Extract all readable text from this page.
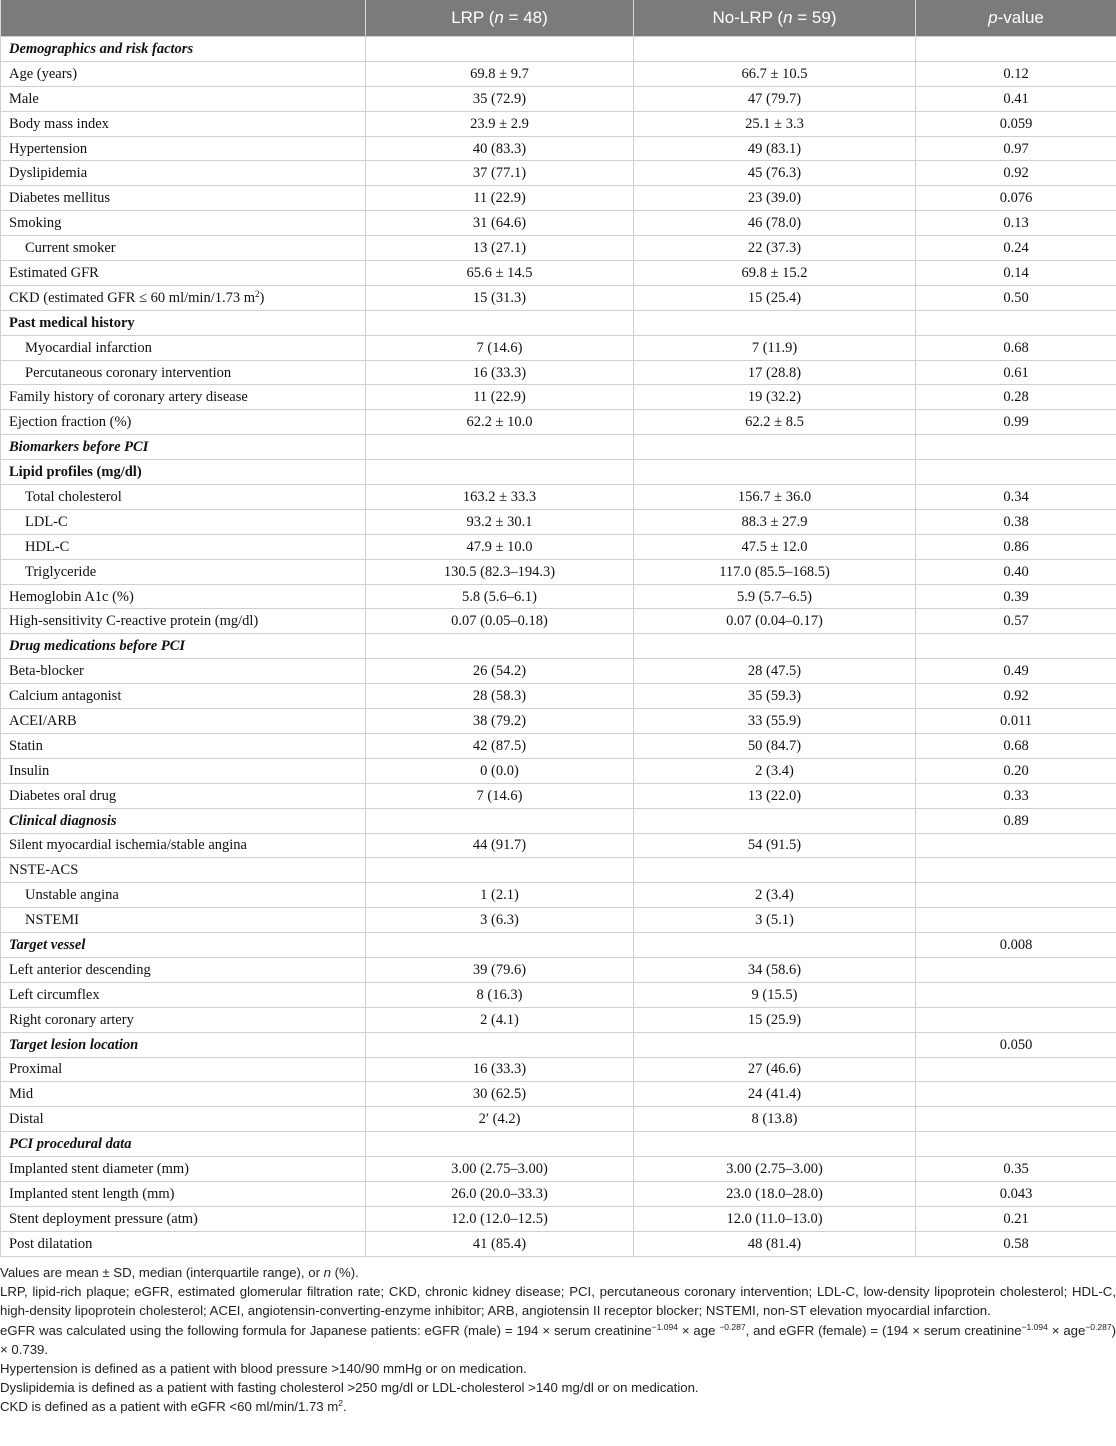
	LRP (n = 48)	No-LRP (n = 59)	p-value
Demographics and risk factors			
Age (years)	69.8 ± 9.7	66.7 ± 10.5	0.12
Male	35 (72.9)	47 (79.7)	0.41
Body mass index	23.9 ± 2.9	25.1 ± 3.3	0.059
Hypertension	40 (83.3)	49 (83.1)	0.97
Dyslipidemia	37 (77.1)	45 (76.3)	0.92
Diabetes mellitus	11 (22.9)	23 (39.0)	0.076
Smoking	31 (64.6)	46 (78.0)	0.13
Current smoker	13 (27.1)	22 (37.3)	0.24
Estimated GFR	65.6 ± 14.5	69.8 ± 15.2	0.14
CKD (estimated GFR ≤ 60 ml/min/1.73 $m^2$)	15 (31.3)	15 (25.4)	0.50
Past medical history			
Myocardial infarction	7 (14.6)	7 (11.9)	0.68
Percutaneous coronary intervention	16 (33.3)	17 (28.8)	0.61
Family history of coronary artery disease	11 (22.9)	19 (32.2)	0.28
Ejection fraction (%)	62.2 ± 10.0	62.2 ± 8.5	0.99
Biomarkers before PCI			
Lipid profiles (mg/dl)			
Total cholesterol	163.2 ± 33.3	156.7 ± 36.0	0.34
LDL-C	93.2 ± 30.1	88.3 ± 27.9	0.38
HDL-C	47.9 ± 10.0	47.5 ± 12.0	0.86
Triglyceride	130.5 (82.3–194.3)	117.0 (85.5–168.5)	0.40
Hemoglobin A1c (%)	5.8 (5.6–6.1)	5.9 (5.7–6.5)	0.39
High-sensitivity C-reactive protein (mg/dl)	0.07 (0.05–0.18)	0.07 (0.04–0.17)	0.57
Drug medications before PCI			
Beta-blocker	26 (54.2)	28 (47.5)	0.49
Calcium antagonist	28 (58.3)	35 (59.3)	0.92
ACEI/ARB	38 (79.2)	33 (55.9)	0.011
Statin	42 (87.5)	50 (84.7)	0.68
Insulin	0 (0.0)	2 (3.4)	0.20
Diabetes oral drug	7 (14.6)	13 (22.0)	0.33
Clinical diagnosis			0.89
Silent myocardial ischemia/stable angina	44 (91.7)	54 (91.5)	
NSTE-ACS			
Unstable angina	1 (2.1)	2 (3.4)	
NSTEMI	3 (6.3)	3 (5.1)	
Target vessel			0.008
Left anterior descending	39 (79.6)	34 (58.6)	
Left circumflex	8 (16.3)	9 (15.5)	
Right coronary artery	2 (4.1)	15 (25.9)	
Target lesion location			0.050
Proximal	16 (33.3)	27 (46.6)	
Mid	30 (62.5)	24 (41.4)	
Distal	2′ (4.2)	8 (13.8)	
PCI procedural data			
Implanted stent diameter (mm)	3.00 (2.75–3.00)	3.00 (2.75–3.00)	0.35
Implanted stent length (mm)	26.0 (20.0–33.3)	23.0 (18.0–28.0)	0.043
Stent deployment pressure (atm)	12.0 (12.0–12.5)	12.0 (11.0–13.0)	0.21
Post dilatation	41 (85.4)	48 (81.4)	0.58

Values are mean ± SD, median (interquartile range), or n (%).

LRP, lipid-rich plaque; eGFR, estimated glomerular filtration rate; CKD, chronic kidney disease; PCI, percutaneous coronary intervention; LDL-C, low-density lipoprotein cholesterol; HDL-C, high-density lipoprotein cholesterol; ACEI, angiotensin-converting-enzyme inhibitor; ARB, angiotensin II receptor blocker; NSTEMI, non-ST elevation myocardial infarction.

eGFR was calculated using the following formula for Japanese patients: eGFR (male) = 194 × serum creatinine$^{-1.094}$ × age $^{-0.287}$, and eGFR (female) = (194 × serum creatinine$^{-1.094}$ × age$^{-0.287}$) × 0.739.

Hypertension is defined as a patient with blood pressure >140/90 mmHg or on medication.

Dyslipidemia is defined as a patient with fasting cholesterol >250 mg/dl or LDL-cholesterol >140 mg/dl or on medication.

CKD is defined as a patient with eGFR <60 ml/min/1.73 $m^2$.
